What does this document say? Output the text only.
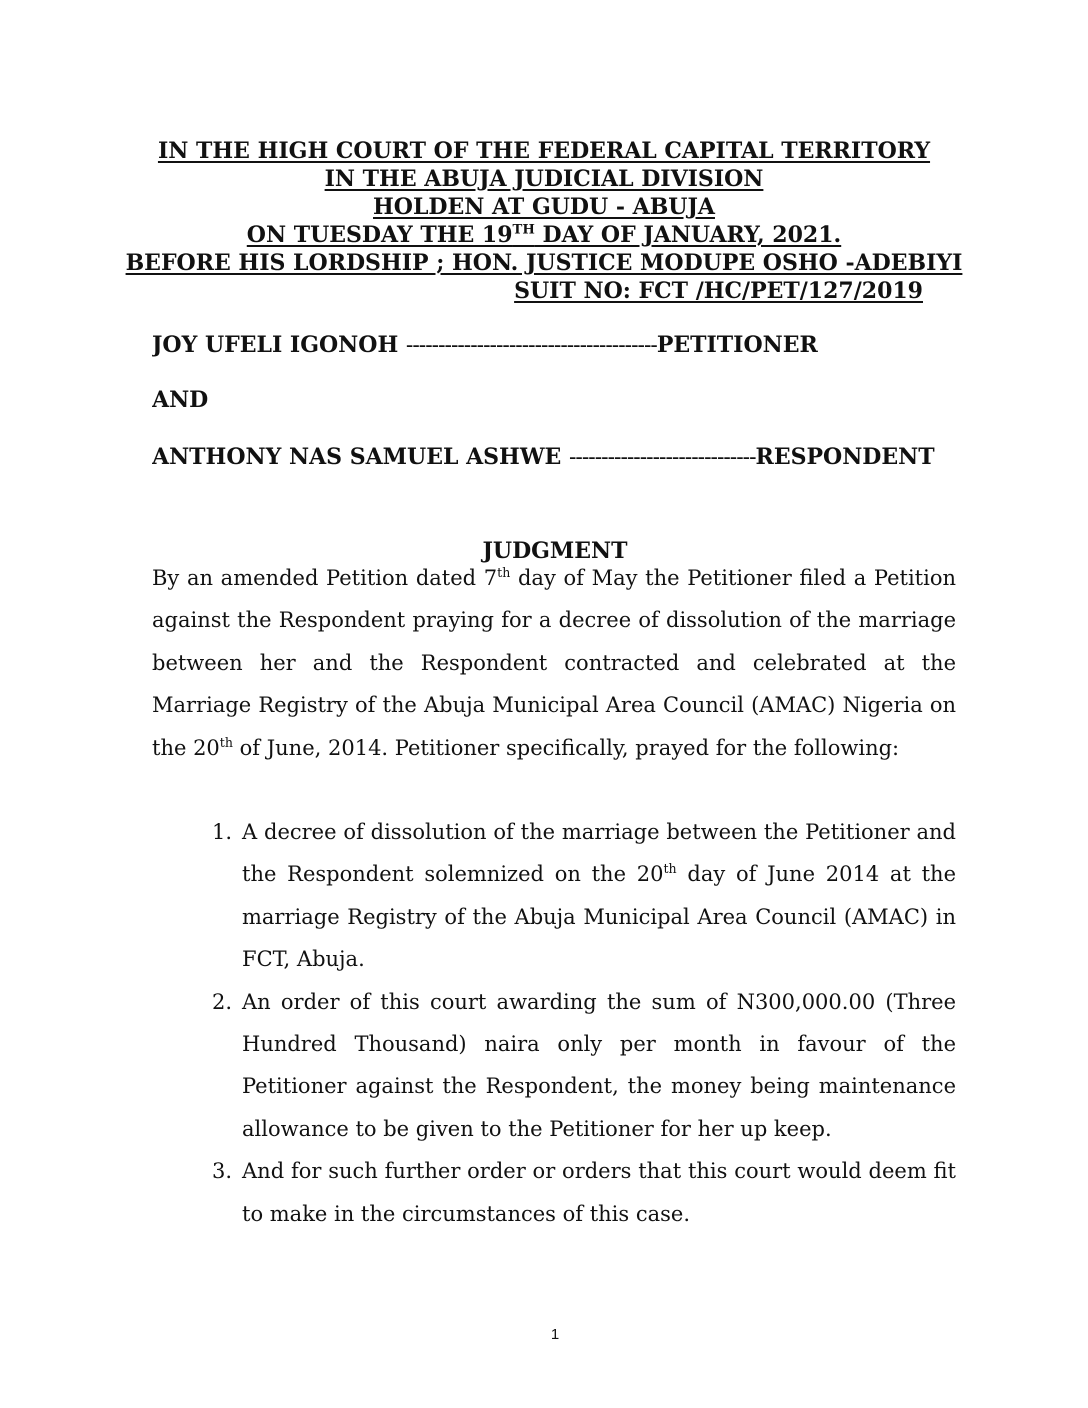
IN THE HIGH COURT OF THE FEDERAL CAPITAL TERRITORY
IN THE ABUJA JUDICIAL DIVISION
HOLDEN AT GUDU - ABUJA
ON TUESDAY THE 19TH DAY OF JANUARY, 2021.
BEFORE HIS LORDSHIP ; HON. JUSTICE MODUPE OSHO -ADEBIYI
SUIT NO: FCT /HC/PET/127/2019
JOY UFELI IGONOH ---------------------------------------PETITIONER
AND
ANTHONY NAS SAMUEL ASHWE -----------------------------RESPONDENT
JUDGMENT
By an amended Petition dated 7th day of May the Petitioner filed a Petition against the Respondent praying for a decree of dissolution of the marriage between her and the Respondent contracted and celebrated at the Marriage Registry of the Abuja Municipal Area Council (AMAC) Nigeria on the 20th of June, 2014. Petitioner specifically, prayed for the following:
1. A decree of dissolution of the marriage between the Petitioner and the Respondent solemnized on the 20th day of June 2014 at the marriage Registry of the Abuja Municipal Area Council (AMAC) in FCT, Abuja.
2. An order of this court awarding the sum of N300,000.00 (Three Hundred Thousand) naira only per month in favour of the Petitioner against the Respondent, the money being maintenance allowance to be given to the Petitioner for her up keep.
3. And for such further order or orders that this court would deem fit to make in the circumstances of this case.
1
